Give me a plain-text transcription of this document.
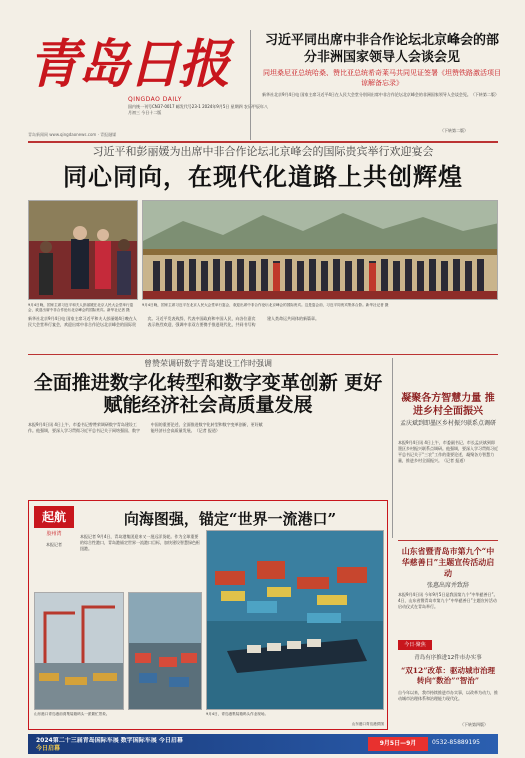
青岛日报
QINGDAO DAILY
国内统一刊号CN37-0017 邮发代号23-1 2024年9月5日 星期四 农历甲辰年八月初三 今日十二版
青岛新闻网 www.qingdaonews.com · 青报融媒
习近平同出席中非合作论坛北京峰会的部分非洲国家领导人会谈会见
同坦桑尼亚总统哈桑、赞比亚总统希奇莱马共同见证签署《坦赞铁路激活项目谅解备忘录》
新华社北京9月4日电 国家主席习近平4日在人民大会堂分别同出席中非合作论坛北京峰会的非洲国家领导人会谈会见。（下转第二版）
（下转第二版）
习近平和彭丽媛为出席中非合作论坛北京峰会的国际贵宾举行欢迎宴会
同心同向，在现代化道路上共创辉煌
9月4日晚，国家主席习近平和夫人彭丽媛在北京人民大会堂举行宴会，欢迎出席中非合作论坛北京峰会的国际贵宾。新华社记者 摄
9月4日晚，国家主席习近平在北京人民大会堂举行宴会，欢迎出席中非合作论坛北京峰会的国际贵宾。这是宴会前，习近平同贵宾集体合影。新华社记者 摄
新华社北京9月4日电 国家主席习近平和夫人彭丽媛4日晚在人民大会堂举行宴会，欢迎出席中非合作论坛北京峰会的国际贵宾。习近平发表致辞，代表中国政府和中国人民，向各位嘉宾表示热烈欢迎，强调中非双方要携手推进现代化，共同书写构建人类命运共同体的新篇章。
曾赞荣调研数字青岛建设工作时强调
全面推进数字化转型和数字变革创新 更好赋能经济社会高质量发展
本报9月4日讯 4日上午，市委书记曾赞荣调研数字青岛建设工作。他强调，要深入学习贯彻习近平总书记关于网络强国、数字中国的重要论述，全面推进数字化转型和数字变革创新，更好赋能经济社会高质量发展。（记者 报道）
凝聚各方智慧力量 推进乡村全面振兴
孟庆斌到即墨区乡村振兴联系点调研
本报9月4日讯 4日上午，市委副书记、市长孟庆斌到即墨区乡村振兴联系点调研。他强调，要深入学习贯彻习近平总书记关于“三农”工作的重要论述，凝聚各方智慧力量，推进乡村全面振兴。（记者 报道）
起航
胶州湾
向海图强，锚定“世界一流港口”
本报记者
本报记者 9月4日，青岛港集团迎来又一批远洋货轮。作为全球重要的综合性港口，青岛港锚定世界一流港口目标，加快建设智慧绿色枢纽港。
山东港口青岛港前湾集装箱码头一派繁忙景象。	9月4日，青岛港集装箱码头作业现场。
山东港口青岛港供图
山东省暨青岛市第九个“中华慈善日”主题宣传活动启动
张惠出席并致辞
本报9月4日讯 今年9月5日是我国第九个“中华慈善日”。4日，山东省暨青岛市第九个“中华慈善日”主题宣传活动启动仪式在青岛举行。
今日·聚焦
青岛有序推进12件市办实事
“双12”改革：驱动城市治理转向“数治”“智治”
自今年以来，我市持续推进市办实事，以改革为动力，推动城市治理体系和治理能力现代化。
（下转第四版）
2024第二十三届青岛国际车展 数字国际车展 今日启幕
今日启幕
9月5日—9月	0532-85889195
